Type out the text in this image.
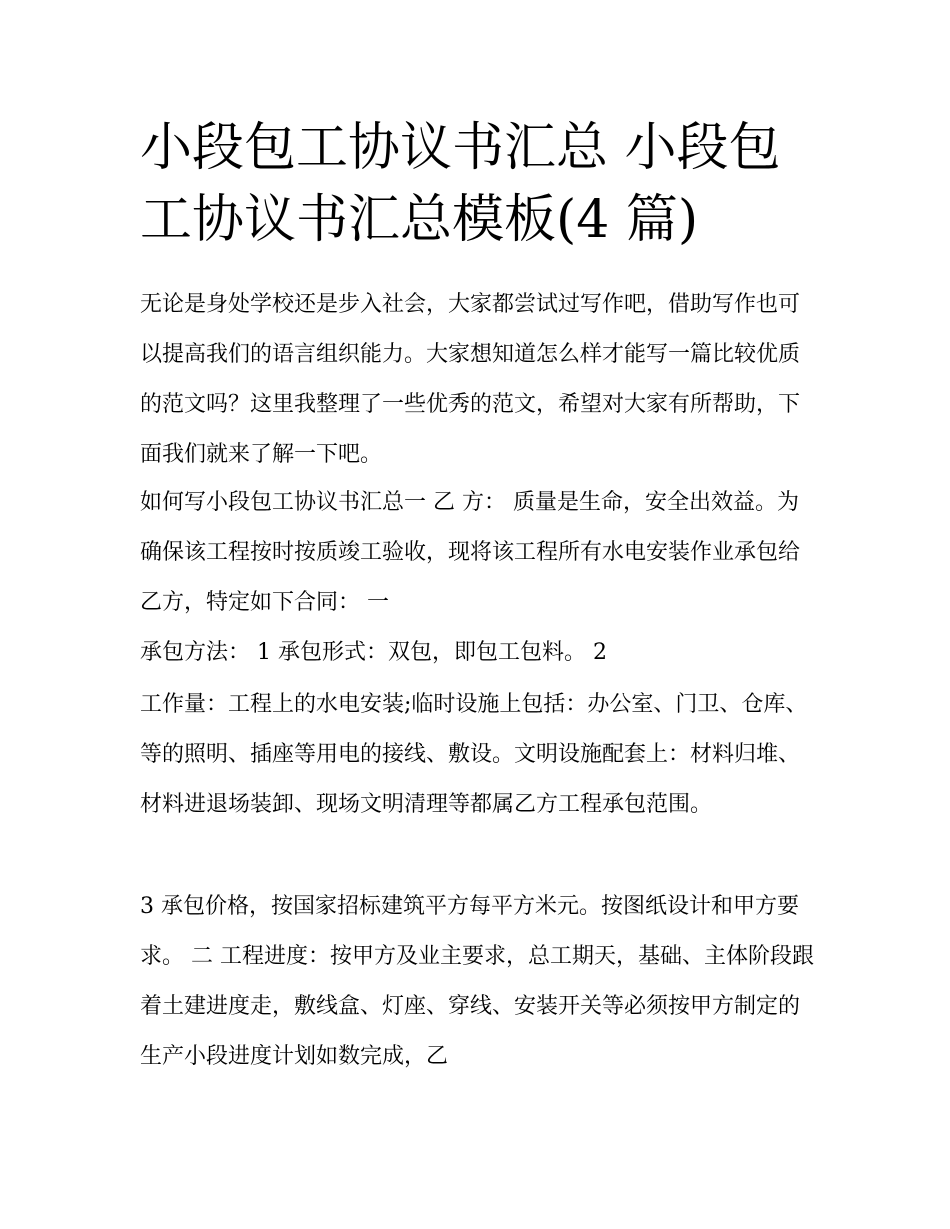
小段包工协议书汇总 小段包工协议书汇总模板(4 篇)

无论是身处学校还是步入社会，大家都尝试过写作吧，借助写作也可以提高我们的语言组织能力。大家想知道怎么样才能写一篇比较优质的范文吗？这里我整理了一些优秀的范文，希望对大家有所帮助，下面我们就来了解一下吧。

如何写小段包工协议书汇总一 乙 方： 质量是生命，安全出效益。为确保该工程按时按质竣工验收，现将该工程所有水电安装作业承包给乙方，特定如下合同： 一

承包方法： 1 承包形式：双包，即包工包料。 2

工作量：工程上的水电安装;临时设施上包括：办公室、门卫、仓库、等的照明、插座等用电的接线、敷设。文明设施配套上：材料归堆、材料进退场装卸、现场文明清理等都属乙方工程承包范围。

3 承包价格，按国家招标建筑平方每平方米元。按图纸设计和甲方要求。 二 工程进度：按甲方及业主要求，总工期天，基础、主体阶段跟着土建进度走，敷线盒、灯座、穿线、安装开关等必须按甲方制定的生产小段进度计划如数完成，乙
